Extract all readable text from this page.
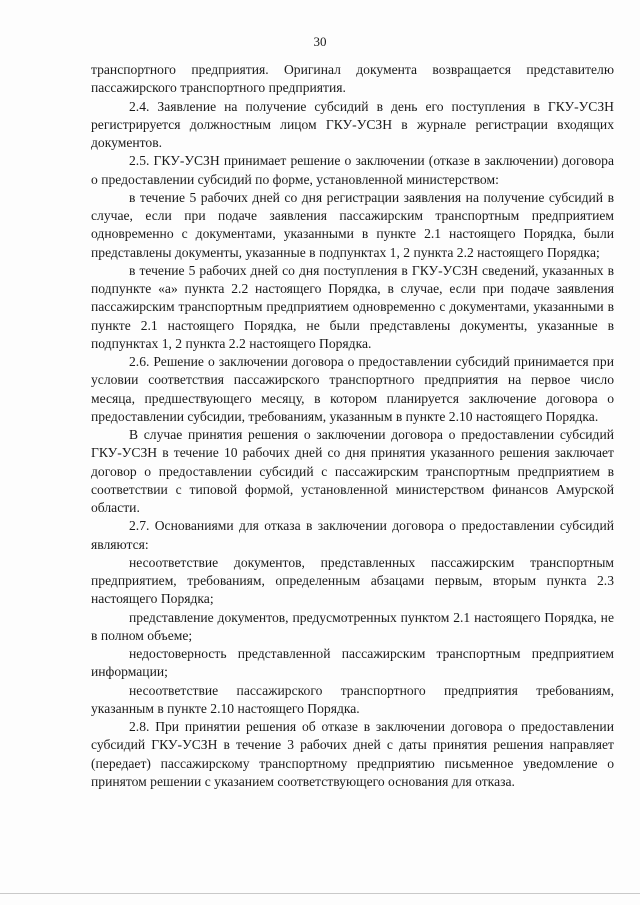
30

транспортного предприятия. Оригинал документа возвращается представителю пассажирского транспортного предприятия.

2.4. Заявление на получение субсидий в день его поступления в ГКУ-УСЗН регистрируется должностным лицом ГКУ-УСЗН в журнале регистрации входящих документов.

2.5. ГКУ-УСЗН принимает решение о заключении (отказе в заключении) договора о предоставлении субсидий по форме, установленной министерством:

в течение 5 рабочих дней со дня регистрации заявления на получение субсидий в случае, если при подаче заявления пассажирским транспортным предприятием одновременно с документами, указанными в пункте 2.1 настоящего Порядка, были представлены документы, указанные в подпунктах 1, 2 пункта 2.2 настоящего Порядка;

в течение 5 рабочих дней со дня поступления в ГКУ-УСЗН сведений, указанных в подпункте «а» пункта 2.2 настоящего Порядка, в случае, если при подаче заявления пассажирским транспортным предприятием одновременно с документами, указанными в пункте 2.1 настоящего Порядка, не были представлены документы, указанные в подпунктах 1, 2 пункта 2.2 настоящего Порядка.

2.6. Решение о заключении договора о предоставлении субсидий принимается при условии соответствия пассажирского транспортного предприятия на первое число месяца, предшествующего месяцу, в котором планируется заключение договора о предоставлении субсидии, требованиям, указанным в пункте 2.10 настоящего Порядка.

В случае принятия решения о заключении договора о предоставлении субсидий ГКУ-УСЗН в течение 10 рабочих дней со дня принятия указанного решения заключает договор о предоставлении субсидий с пассажирским транспортным предприятием в соответствии с типовой формой, установленной министерством финансов Амурской области.

2.7. Основаниями для отказа в заключении договора о предоставлении субсидий являются:

несоответствие документов, представленных пассажирским транспортным предприятием, требованиям, определенным абзацами первым, вторым пункта 2.3 настоящего Порядка;

представление документов, предусмотренных пунктом 2.1 настоящего Порядка, не в полном объеме;

недостоверность представленной пассажирским транспортным предприятием информации;

несоответствие пассажирского транспортного предприятия требованиям, указанным в пункте 2.10 настоящего Порядка.

2.8. При принятии решения об отказе в заключении договора о предоставлении субсидий ГКУ-УСЗН в течение 3 рабочих дней с даты принятия решения направляет (передает) пассажирскому транспортному предприятию письменное уведомление о принятом решении с указанием соответствующего основания для отказа.
